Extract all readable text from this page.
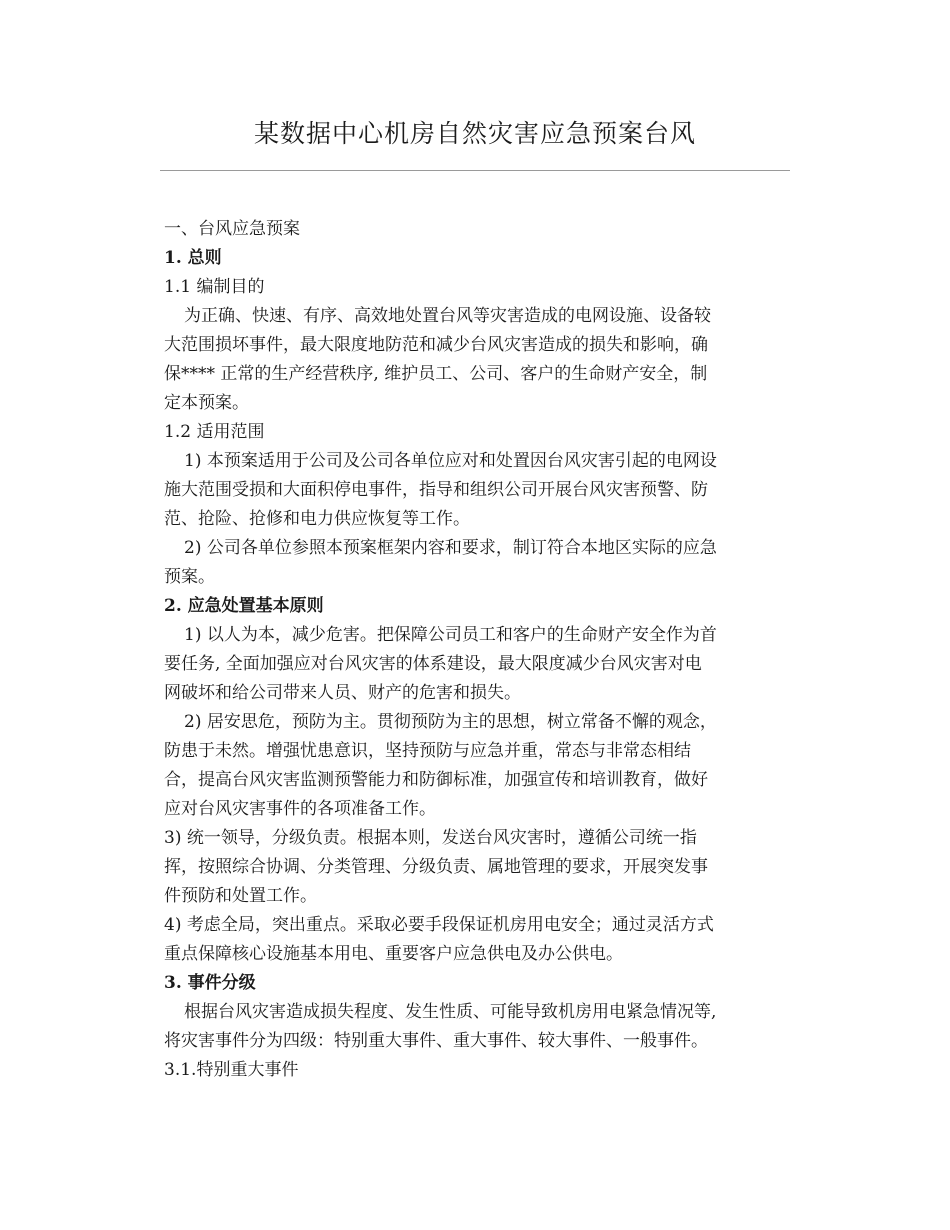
某数据中心机房自然灾害应急预案台风
一、台风应急预案
1. 总则
1.1 编制目的
为正确、快速、有序、高效地处置台风等灾害造成的电网设施、设备较
大范围损坏事件，最大限度地防范和减少台风灾害造成的损失和影响，确
保**** 正常的生产经营秩序, 维护员工、公司、客户的生命财产安全，制
定本预案。
1.2 适用范围
1) 本预案适用于公司及公司各单位应对和处置因台风灾害引起的电网设
施大范围受损和大面积停电事件，指导和组织公司开展台风灾害预警、防
范、抢险、抢修和电力供应恢复等工作。
2) 公司各单位参照本预案框架内容和要求，制订符合本地区实际的应急
预案。
2. 应急处置基本原则
1) 以人为本，减少危害。把保障公司员工和客户的生命财产安全作为首
要任务, 全面加强应对台风灾害的体系建设，最大限度减少台风灾害对电
网破坏和给公司带来人员、财产的危害和损失。
2) 居安思危，预防为主。贯彻预防为主的思想，树立常备不懈的观念，
防患于未然。增强忧患意识，坚持预防与应急并重，常态与非常态相结
合，提高台风灾害监测预警能力和防御标准，加强宣传和培训教育，做好
应对台风灾害事件的各项准备工作。
3) 统一领导，分级负责。根据本则，发送台风灾害时，遵循公司统一指
挥，按照综合协调、分类管理、分级负责、属地管理的要求，开展突发事
件预防和处置工作。
4) 考虑全局，突出重点。采取必要手段保证机房用电安全；通过灵活方式
重点保障核心设施基本用电、重要客户应急供电及办公供电。
3. 事件分级
根据台风灾害造成损失程度、发生性质、可能导致机房用电紧急情况等,
将灾害事件分为四级：特别重大事件、重大事件、较大事件、一般事件。
3.1.特别重大事件
